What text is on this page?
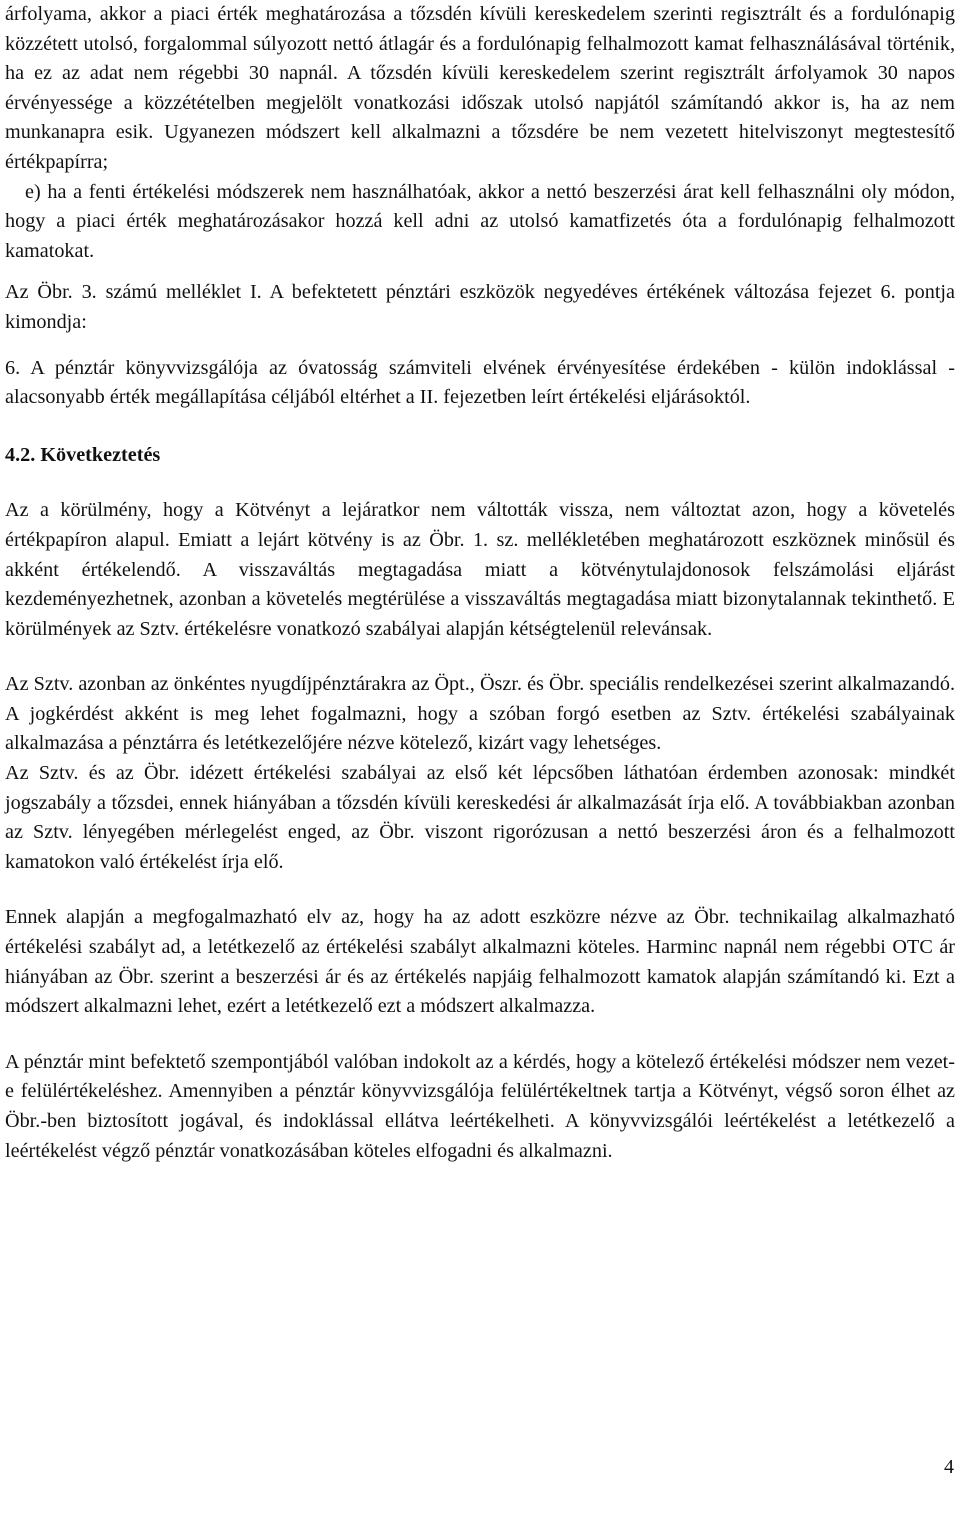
árfolyama, akkor a piaci érték meghatározása a tőzsdén kívüli kereskedelem szerinti regisztrált és a fordulónapig közzétett utolsó, forgalommal súlyozott nettó átlagár és a fordulónapig felhalmozott kamat felhasználásával történik, ha ez az adat nem régebbi 30 napnál. A tőzsdén kívüli kereskedelem szerint regisztrált árfolyamok 30 napos érvényessége a közzétételben megjelölt vonatkozási időszak utolsó napjától számítandó akkor is, ha az nem munkanapra esik. Ugyanezen módszert kell alkalmazni a tőzsdére be nem vezetett hitelviszonyt megtestesítő értékpapírra;

e) ha a fenti értékelési módszerek nem használhatóak, akkor a nettó beszerzési árat kell felhasználni oly módon, hogy a piaci érték meghatározásakor hozzá kell adni az utolsó kamatfizetés óta a fordulónapig felhalmozott kamatokat.

Az Öbr. 3. számú melléklet I. A befektetett pénztári eszközök negyedéves értékének változása fejezet 6. pontja kimondja:

6. A pénztár könyvvizsgálója az óvatosság számviteli elvének érvényesítése érdekében - külön indoklással - alacsonyabb érték megállapítása céljából eltérhet a II. fejezetben leírt értékelési eljárásoktól.

4.2. Következtetés

Az a körülmény, hogy a Kötvényt a lejáratkor nem váltották vissza, nem változtat azon, hogy a követelés értékpapíron alapul. Emiatt a lejárt kötvény is az Öbr. 1. sz. mellékletében meghatározott eszköznek minősül és akként értékelendő. A visszaváltás megtagadása miatt a kötvénytulajdonosok felszámolási eljárást kezdeményezhetnek, azonban a követelés megtérülése a visszaváltás megtagadása miatt bizonytalannak tekinthető. E körülmények az Sztv. értékelésre vonatkozó szabályai alapján kétségtelenül relevánsak.

Az Sztv. azonban az önkéntes nyugdíjpénztárakra az Öpt., Öszr. és Öbr. speciális rendelkezései szerint alkalmazandó. A jogkérdést akként is meg lehet fogalmazni, hogy a szóban forgó esetben az Sztv. értékelési szabályainak alkalmazása a pénztárra és letétkezelőjére nézve kötelező, kizárt vagy lehetséges.

Az Sztv. és az Öbr. idézett értékelési szabályai az első két lépcsőben láthatóan érdemben azonosak: mindkét jogszabály a tőzsdei, ennek hiányában a tőzsdén kívüli kereskedési ár alkalmazását írja elő. A továbbiakban azonban az Sztv. lényegében mérlegelést enged, az Öbr. viszont rigorózusan a nettó beszerzési áron és a felhalmozott kamatokon való értékelést írja elő.

Ennek alapján a megfogalmazható elv az, hogy ha az adott eszközre nézve az Öbr. technikailag alkalmazható értékelési szabályt ad, a letétkezelő az értékelési szabályt alkalmazni köteles. Harminc napnál nem régebbi OTC ár hiányában az Öbr. szerint a beszerzési ár és az értékelés napjáig felhalmozott kamatok alapján számítandó ki. Ezt a módszert alkalmazni lehet, ezért a letétkezelő ezt a módszert alkalmazza.

A pénztár mint befektető szempontjából valóban indokolt az a kérdés, hogy a kötelező értékelési módszer nem vezet-e felülértékeléshez. Amennyiben a pénztár könyvvizsgálója felülértékeltnek tartja a Kötvényt, végső soron élhet az Öbr.-ben biztosított jogával, és indoklással ellátva leértékelheti. A könyvvizsgálói leértékelést a letétkezelő a leértékelést végző pénztár vonatkozásában köteles elfogadni és alkalmazni.

4
